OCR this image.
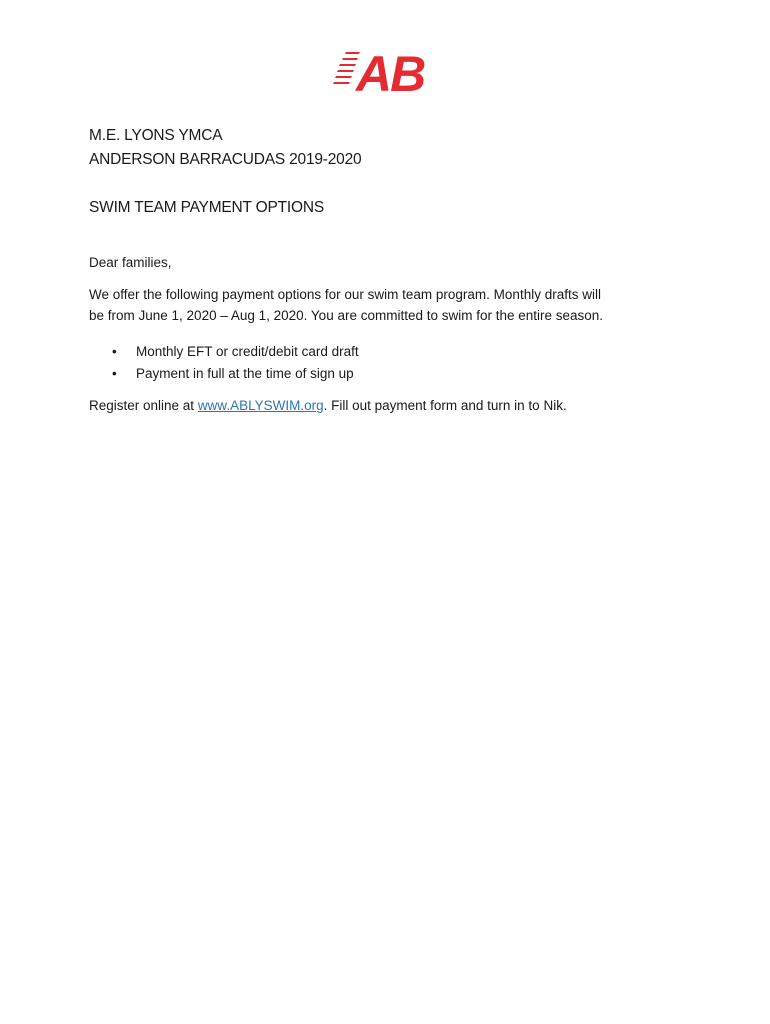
AB
M.E. LYONS YMCA
ANDERSON BARRACUDAS 2019-2020
SWIM TEAM PAYMENT OPTIONS
Dear families,
We offer the following payment options for our swim team program. Monthly drafts will
be from June 1, 2020 – Aug 1, 2020. You are committed to swim for the entire season.
• Monthly EFT or credit/debit card draft
• Payment in full at the time of sign up
Register online at www.ABLYSWIM.org. Fill out payment form and turn in to Nik.
